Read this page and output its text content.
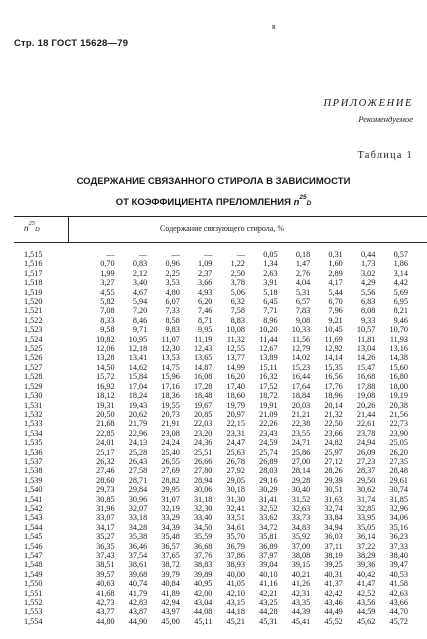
ʀ
Стр. 18 ГОСТ 15628—79
ПРИЛОЖЕНИЕ
Рекомендуемое
Таблица 1
СОДЕРЖАНИЕ СВЯЗАННОГО СТИРОЛА В ЗАВИСИМОСТИ
ОТ КОЭФФИЦИЕНТА ПРЕЛОМЛЕНИЯ $n^{25}D$
$n^{25}D$	Содержание связующего стирола, %
1,515	—	—	—	—	—	0,05	0,18	0,31	0,44	0,57
1,516	0,70	0,83	0,96	1,09	1,22	1,34	1,47	1,60	1,73	1,86
1,517	1,99	2,12	2,25	2,37	2,50	2,63	2,76	2,89	3,02	3,14
1,518	3,27	3,40	3,53	3,66	3,78	3,91	4,04	4,17	4,29	4,42
1,519	4,55	4,67	4,80	4,93	5,06	5,18	5,31	5,44	5,56	5,69
1,520	5,82	5,94	6,07	6,20	6,32	6,45	6,57	6,70	6,83	6,95
1,521	7,08	7,20	7,33	7,46	7,58	7,71	7,83	7,96	8,08	8,21
1,522	8,33	8,46	8,58	8,71	8,83	8,96	9,08	9,21	9,33	9,46
1,523	9,58	9,71	9,83	9,95	10,08	10,20	10,33	10,45	10,57	10,70
1,524	10,82	10,95	11,07	11,19	11,32	11,44	11,56	11,69	11,81	11,93
1,525	12,06	12,18	12,30	12,43	12,55	12,67	12,79	12,92	13,04	13,16
1,526	13,28	13,41	13,53	13,65	13,77	13,89	14,02	14,14	14,26	14,38
1,527	14,50	14,62	14,75	14,87	14,99	15,11	15,23	15,35	15,47	15,60
1,528	15,72	15,84	15,96	16,08	16,20	16,32	16,44	16,56	16,68	16,80
1,529	16,92	17,04	17,16	17,28	17,40	17,52	17,64	17,76	17,88	18,00
1,530	18,12	18,24	18,36	18,48	18,60	18,72	18,84	18,96	19,08	19,19
1,531	19,31	19,43	19,55	19,67	19,79	19,91	20,03	20,14	20,26	20,38
1,532	20,50	20,62	20,73	20,85	20,97	21,09	21,21	21,32	21,44	21,56
1,533	21,68	21,79	21,91	22,03	22,15	22,26	22,38	22,50	22,61	22,73
1,534	22,85	22,96	23,08	23,20	23,31	23,43	23,55	23,66	23,78	23,90
1,535	24,01	24,13	24,24	24,36	24,47	24,59	24,71	24,82	24,94	25,05
1,536	25,17	25,28	25,40	25,51	25,63	25,74	25,86	25,97	26,09	26,20
1,537	26,32	26,43	26,55	26,66	26,78	26,89	27,00	27,12	27,23	27,35
1,538	27,46	27,58	27,69	27,80	27,92	28,03	28,14	28,26	28,37	28,48
1,539	28,60	28,71	28,82	28,94	29,05	29,16	29,28	29,39	29,50	29,61
1,540	29,73	29,84	29,95	30,06	30,18	30,29	30,40	30,51	30,62	30,74
1,541	30,85	30,96	31,07	31,18	31,30	31,41	31,52	31,63	31,74	31,85
1,542	31,96	32,07	32,19	32,30	32,41	32,52	32,63	32,74	32,85	32,96
1,543	33,07	33,18	33,29	33,40	33,51	33,62	33,73	33,84	33,95	34,06
1,544	34,17	34,28	34,39	34,50	34,61	34,72	34,83	34,94	35,05	35,16
1,545	35,27	35,38	35,48	35,59	35,70	35,81	35,92	36,03	36,14	36,23
1,546	36,35	36,46	36,57	36,68	36,79	36,89	37,00	37,11	37,22	37,33
1,547	37,43	37,54	37,65	37,76	37,86	37,97	38,08	38,19	38,29	38,40
1,548	38,51	38,61	38,72	38,83	38,93	39,04	39,15	39,25	39,36	39,47
1,549	39,57	39,68	39,79	39,89	40,00	40,10	40,21	40,31	40,42	40,53
1,550	40,63	40,74	40,84	40,95	41,05	41,16	41,26	41,37	41,47	41,58
1,551	41,68	41,79	41,89	42,00	42,10	42,21	42,31	42,42	42,52	42,63
1,552	42,73	42,83	42,94	43,04	43,15	43,25	43,35	43,46	43,56	43,66
1,553	43,77	43,87	43,97	44,08	44,18	44,28	44,39	44,49	44,59	44,70
1,554	44,80	44,90	45,00	45,11	45,21	45,31	45,41	45,52	45,62	45,72
